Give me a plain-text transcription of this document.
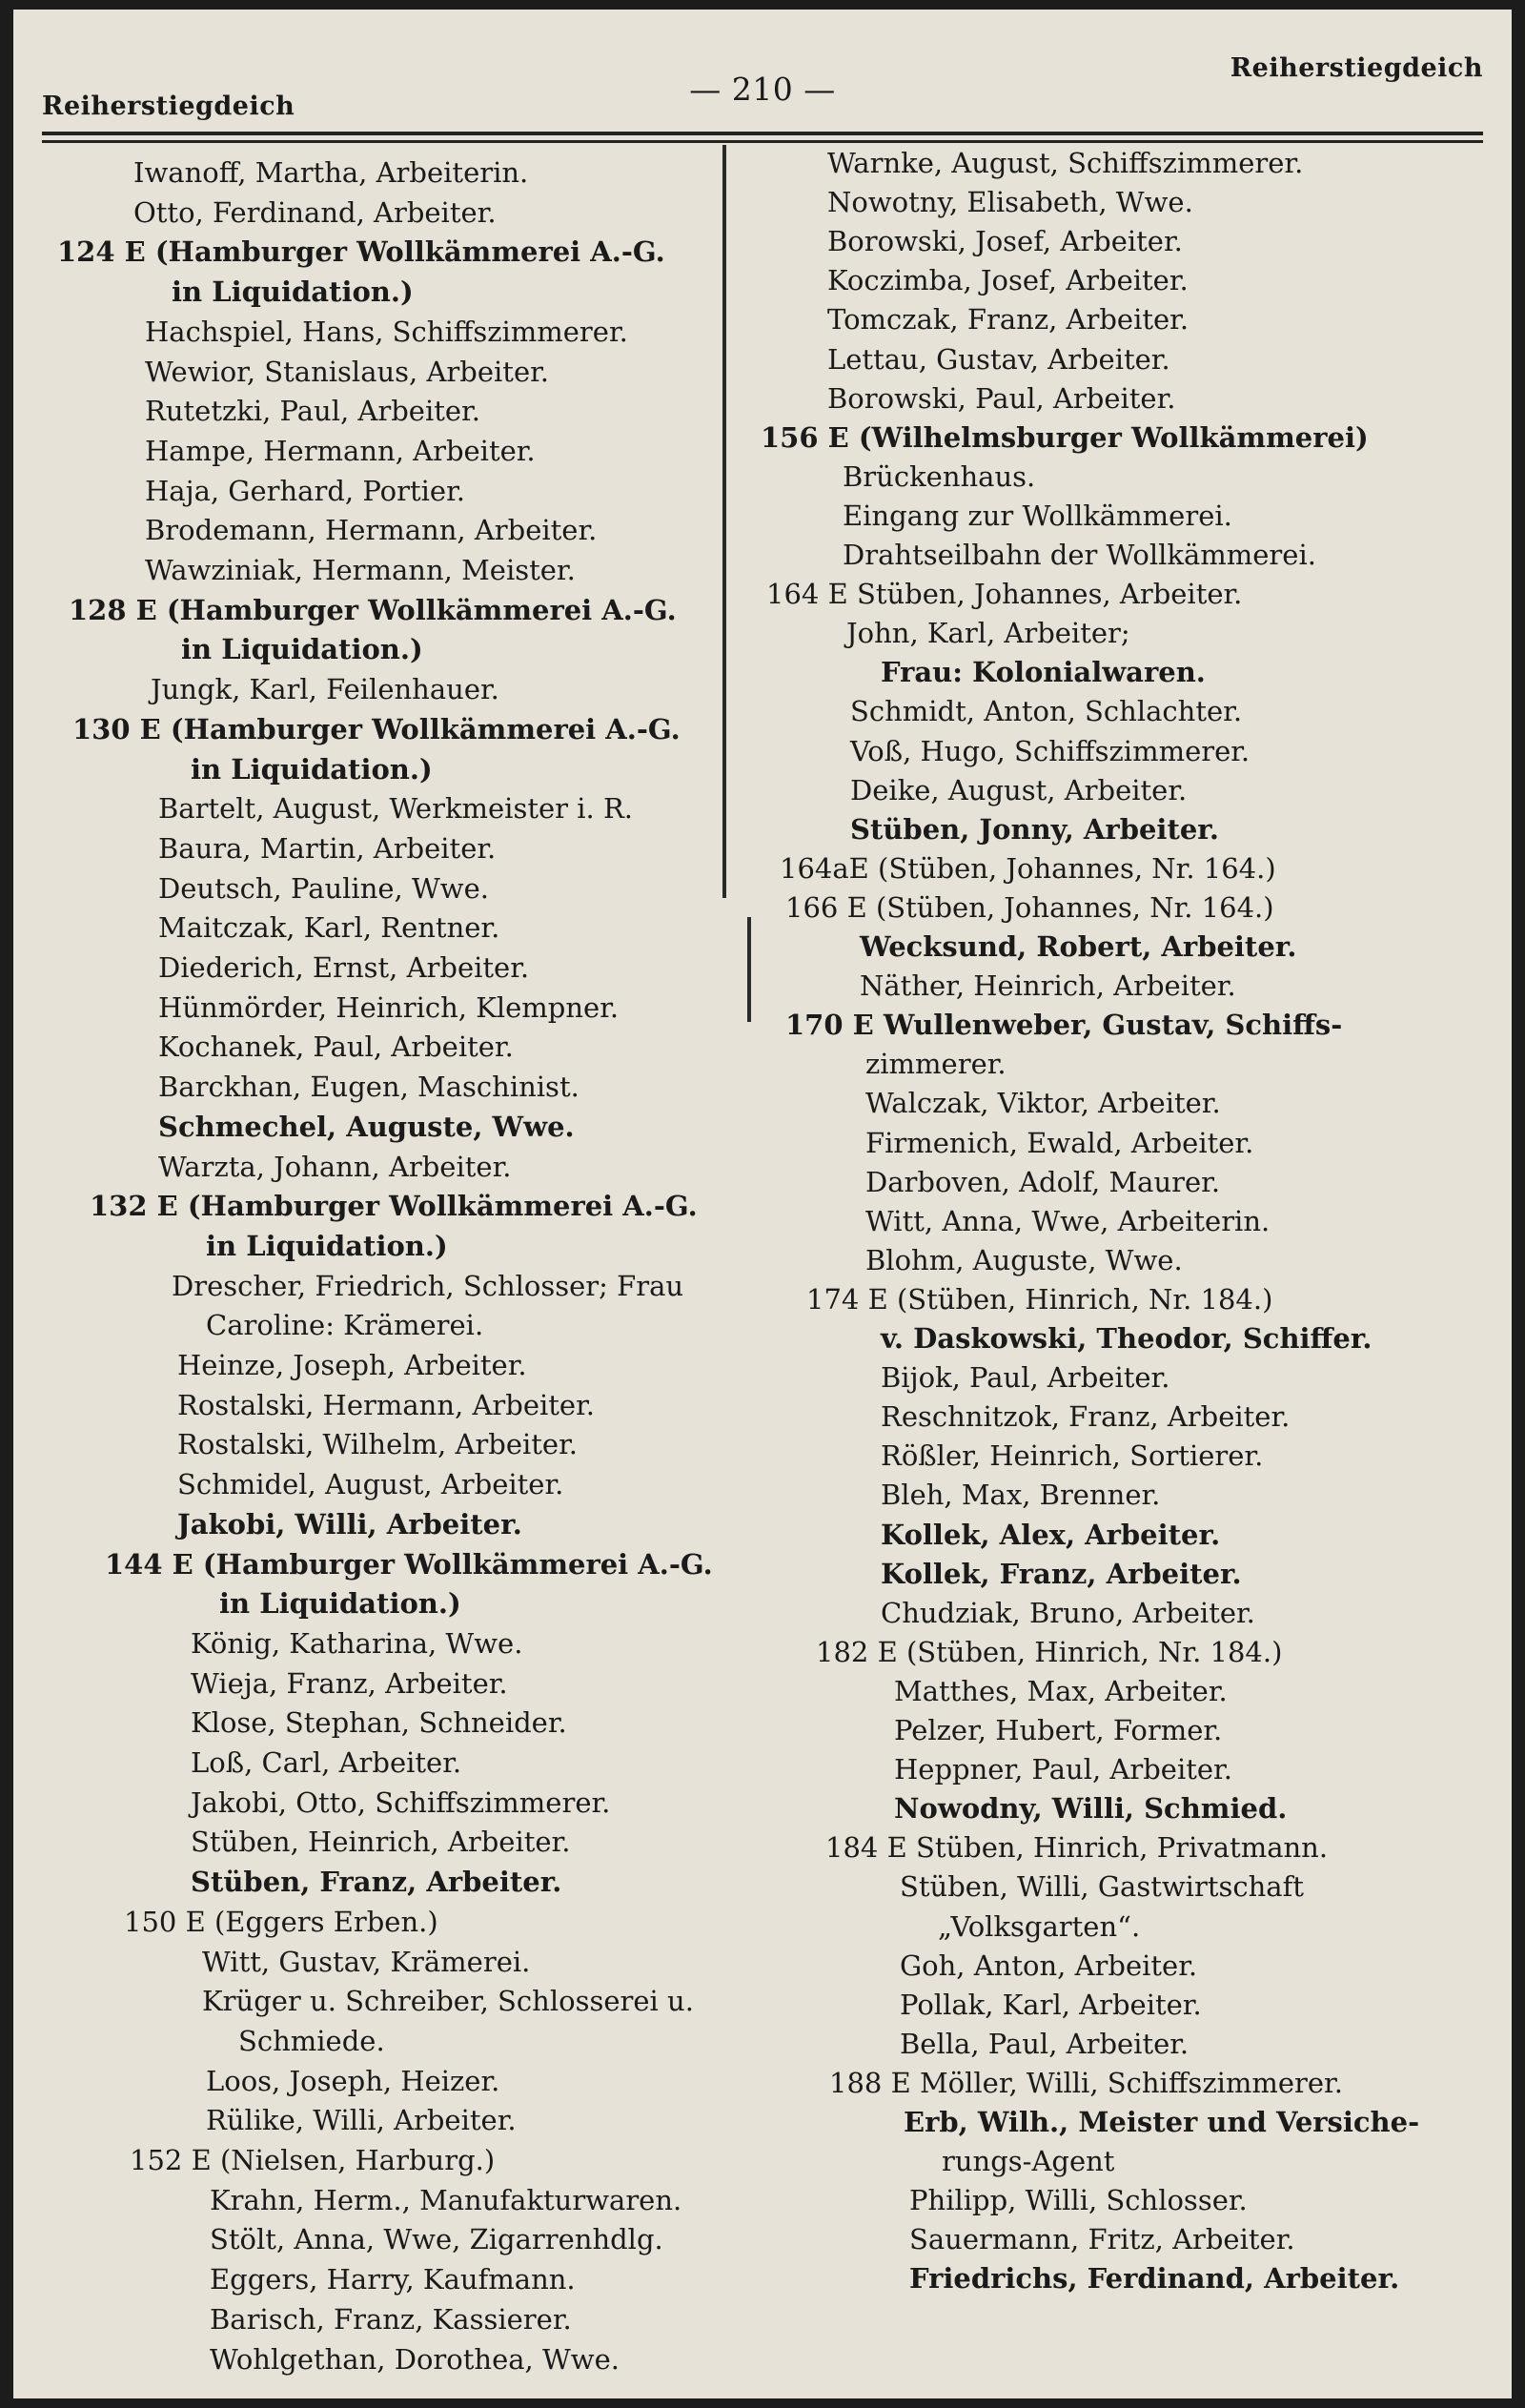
Reiherstiegdeich	— 210 —
Reiherstiegdeich
Iwanoff, Martha, Arbeiterin.
Otto, Ferdinand, Arbeiter.
124 E (Hamburger Wollkämmerei A.-G.
in Liquidation.)
Hachspiel, Hans, Schiffszimmerer.
Wewior, Stanislaus, Arbeiter.
Rutetzki, Paul, Arbeiter.
Hampe, Hermann, Arbeiter.
Haja, Gerhard, Portier.
Brodemann, Hermann, Arbeiter.
Wawziniak, Hermann, Meister.
128 E (Hamburger Wollkämmerei A.-G.
in Liquidation.)
Jungk, Karl, Feilenhauer.
130 E (Hamburger Wollkämmerei A.-G.
in Liquidation.)
Bartelt, August, Werkmeister i. R.
Baura, Martin, Arbeiter.
Deutsch, Pauline, Wwe.
Maitczak, Karl, Rentner.
Diederich, Ernst, Arbeiter.
Hünmörder, Heinrich, Klempner.
Kochanek, Paul, Arbeiter.
Barckhan, Eugen, Maschinist.
Schmechel, Auguste, Wwe.
Warzta, Johann, Arbeiter.
132 E (Hamburger Wollkämmerei A.-G.
in Liquidation.)
Drescher, Friedrich, Schlosser; Frau
Caroline: Krämerei.
Heinze, Joseph, Arbeiter.
Rostalski, Hermann, Arbeiter.
Rostalski, Wilhelm, Arbeiter.
Schmidel, August, Arbeiter.
Jakobi, Willi, Arbeiter.
144 E (Hamburger Wollkämmerei A.-G.
in Liquidation.)
König, Katharina, Wwe.
Wieja, Franz, Arbeiter.
Klose, Stephan, Schneider.
Loß, Carl, Arbeiter.
Jakobi, Otto, Schiffszimmerer.
Stüben, Heinrich, Arbeiter.
Stüben, Franz, Arbeiter.
150 E (Eggers Erben.)
Witt, Gustav, Krämerei.
Krüger u. Schreiber, Schlosserei u.
Schmiede.
Loos, Joseph, Heizer.
Rülike, Willi, Arbeiter.
152 E (Nielsen, Harburg.)
Krahn, Herm., Manufakturwaren.
Stölt, Anna, Wwe, Zigarrenhdlg.
Eggers, Harry, Kaufmann.
Barisch, Franz, Kassierer.
Wohlgethan, Dorothea, Wwe.
Warnke, August, Schiffszimmerer.
Nowotny, Elisabeth, Wwe.
Borowski, Josef, Arbeiter.
Koczimba, Josef, Arbeiter.
Tomczak, Franz, Arbeiter.
Lettau, Gustav, Arbeiter.
Borowski, Paul, Arbeiter.
156 E (Wilhelmsburger Wollkämmerei)
Brückenhaus.
Eingang zur Wollkämmerei.
Drahtseilbahn der Wollkämmerei.
164 E Stüben, Johannes, Arbeiter.
John, Karl, Arbeiter;
Frau: Kolonialwaren.
Schmidt, Anton, Schlachter.
Voß, Hugo, Schiffszimmerer.
Deike, August, Arbeiter.
Stüben, Jonny, Arbeiter.
164aE (Stüben, Johannes, Nr. 164.)
166 E (Stüben, Johannes, Nr. 164.)
Wecksund, Robert, Arbeiter.
Näther, Heinrich, Arbeiter.
170 E Wullenweber, Gustav, Schiffs-
zimmerer.
Walczak, Viktor, Arbeiter.
Firmenich, Ewald, Arbeiter.
Darboven, Adolf, Maurer.
Witt, Anna, Wwe, Arbeiterin.
Blohm, Auguste, Wwe.
174 E (Stüben, Hinrich, Nr. 184.)
v. Daskowski, Theodor, Schiffer.
Bijok, Paul, Arbeiter.
Reschnitzok, Franz, Arbeiter.
Rößler, Heinrich, Sortierer.
Bleh, Max, Brenner.
Kollek, Alex, Arbeiter.
Kollek, Franz, Arbeiter.
Chudziak, Bruno, Arbeiter.
182 E (Stüben, Hinrich, Nr. 184.)
Matthes, Max, Arbeiter.
Pelzer, Hubert, Former.
Heppner, Paul, Arbeiter.
Nowodny, Willi, Schmied.
184 E Stüben, Hinrich, Privatmann.
Stüben, Willi, Gastwirtschaft
„Volksgarten“.
Goh, Anton, Arbeiter.
Pollak, Karl, Arbeiter.
Bella, Paul, Arbeiter.
188 E Möller, Willi, Schiffszimmerer.
Erb, Wilh., Meister und Versiche-
rungs-Agent
Philipp, Willi, Schlosser.
Sauermann, Fritz, Arbeiter.
Friedrichs, Ferdinand, Arbeiter.
